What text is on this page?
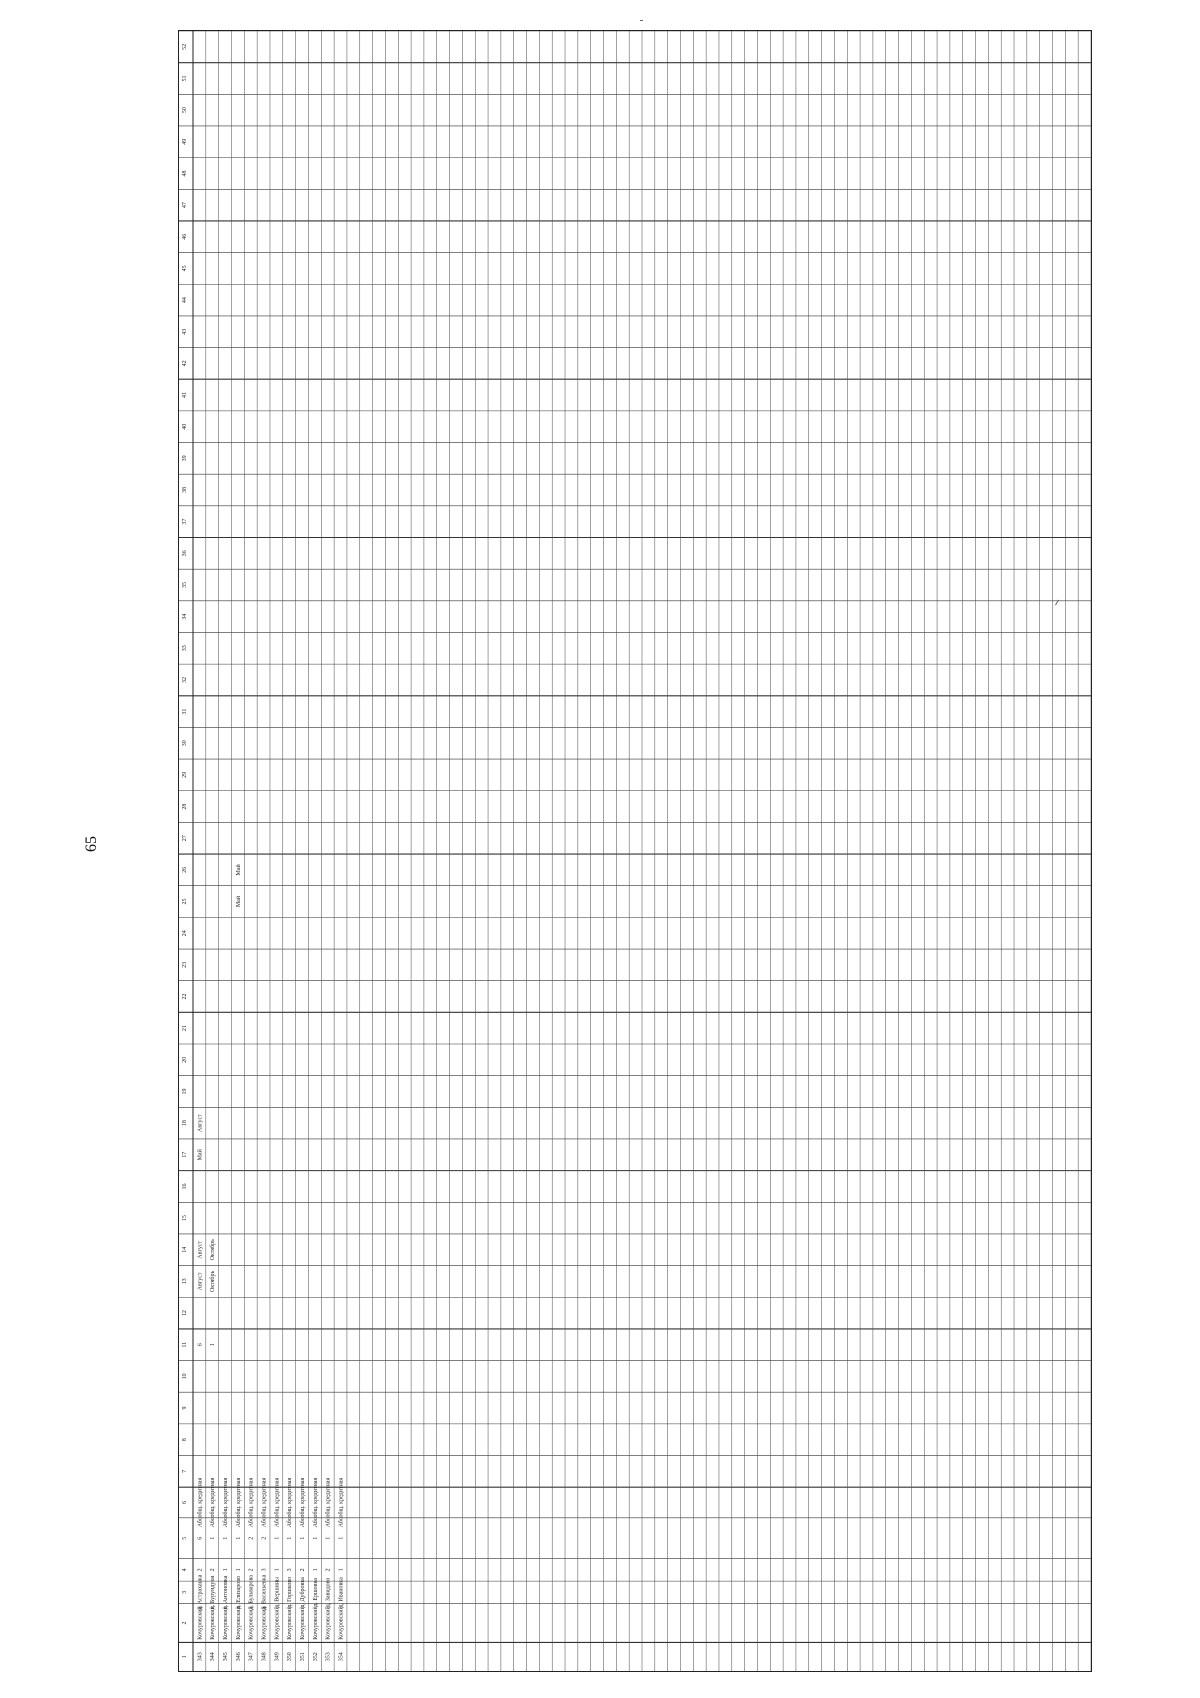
65
1
2
3
4
5
6
7
8
9
10
11
12
13
14
15
16
17
18
19
20
21
22
23
24
25
26
27
28
29
30
31
32
33
34
35
36
37
38
39
40
41
42
43
44
45
46
47
48
49
50
51
52
343
Кочуровский
д. Астраханка
2
6
Абсобщ. кредитная
6
Август
Август
Май
Август
344
Кочуровский
д. Бурундуки
2
1
Абсобщ. кредитная
1
Октябрь
Октябрь
345
Кочуровский
д. Антоновка
1
1
Абсобщ. кредитная
346
Кочуровский
д. Елизарово
1
1
Абсобщ. кредитная
Май
Май
347
Кочуровский
д. Бульварова
2
2
Абсобщ. кредитная
348
Кочуровский
д. Васильевка
3
2
Абсобщ. кредитная
349
Кочуровский
д. Вершины
1
1
Абсобщ. кредитная
350
Кочуровский
д. Горшково
3
1
Абсобщ. кредитная
351
Кочуровский
д. Дубровка
2
1
Абсобщ. кредитная
352
Кочуровский
д. Ершовка
1
1
Абсобщ. кредитная
353
Кочуровский
д. Завидово
2
1
Абсобщ. кредитная
354
Кочуровский
д. Ивановка
1
1
Абсобщ. кредитная
